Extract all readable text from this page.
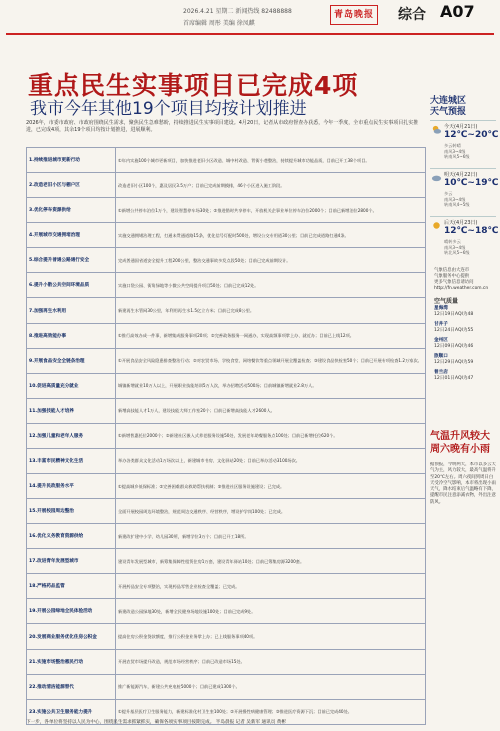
2026.4.21 星期二 新闻热线 82488888
首席编辑 周彤 美编 徐凤麒
青岛晚报 综合 A07
重点民生实事项目已完成4项
我市今年其他19个项目均按计划推进
2026年，市委市政府、市政府围绕民生需求，聚焦民生急难愁盼，持续推进民生实事项目建设。4月20日，记者从市政府督查办获悉，今年一季度，全市重点民生实事项目扎实推进，已完成4项，其余19个项目均按计划推进，进展顺利。
1.持续推进城市更新行动	①年内实施100个城市更新项目，加快推进老旧小区改造、城中村改造、背街小巷整治，持续提升城市功能品质，目前已开工38个项目。
2.改造老旧小区与棚户区	改造老旧小区100个，惠及居民3.5万户；目前已完成前期摸排，46个小区进入施工阶段。
3.优化停车资源供给	①新增公共停车泊位1万个，建设智慧停车场30处；②推进错时共享停车，开放机关企事业单位停车泊位2000个；目前已新增泊位2800个。
4.开展城市交通拥堵治理	实施交通拥堵治理工程，打通未贯通道路15条，优化信号灯配时500处，增设公交专用道30公里；目前已完成道路打通4条。
5.综合提升普通公路通行安全	完成普通国省道安全提升工程200公里，整治交通事故多发点段50处；目前已完成前期设计。
6.提升小散公共空间环境品质	实施口袋公园、街角绿地等小微公共空间提升项目50处；目前已完成12处。
7.加强再生水利用	新建再生水管网30公里，年利用再生水1.5亿立方米；目前已完成8公里。
8.推进高效能办事	①推行高效办成一件事，新增集成服务事项20项；②完善政务服务一网通办，实现高频事项掌上办、就近办；目前已上线12项。
9.开展食品安全全链条治理	①开展食品安全风险隐患排查整治行动；②对农贸市场、学校食堂、网络餐饮等重点领域开展全覆盖检查；③建设食品快检室50个；目前已开展专项检查1.2万家次。
10.促进高质量充分就业	城镇新增就业10万人以上，开展职业技能培训5万人次，举办招聘活动500场；目前城镇新增就业2.8万人。
11.加强技能人才培养	新增高技能人才1万人，建设技能大师工作室20个；目前已新增高技能人才2600人。
12.加强儿童和老年人服务	①新增普惠托位2000个；②新建社区嵌入式养老服务设施50处，发展老年助餐服务点100处；目前已新增托位620个。
13.丰富市民精神文化生活	举办各类群众文化活动1万场次以上，新建城市书房、文化驿站20处；目前已举办活动3100场次。
14.提升民政服务水平	①提高城乡低保标准；②完善困难群众救助帮扶机制；③推进社区服务设施建设；已完成。
15.开展校园周边整治	全面开展校园周边环境整治，规范周边交通秩序、经营秩序，增设护学岗100处；已完成。
16.优化义务教育资源供给	新建改扩建中小学、幼儿园30所，新增学位3万个；目前已开工18所。
17.改进青年发展型城市	建设青年发展型城市，新筹集保障性租赁住房1万套，建设青年驿站10处；目前已筹集房源3200套。
18.严格药品监管	开展药品安全专项整治，实现药品零售企业检查全覆盖；已完成。
19.开展公园绿地全民体验活动	新建改造公园绿地30处，新增全民健身场地设施100处；目前已完成9处。
20.发展商业服务优化住房公积金	提高住房公积金贷款额度，推行公积金业务掌上办；已上线服务事项40项。
21.实施市场整治惠民行动	开展农贸市场提升改造，规范市场经营秩序；目前已改造市场15处。
22.推动清洁能源替代	推广新能源汽车，新建公共充电桩5000个；目前已建成1300个。
23.实施公共卫生服务能力提升	①提升基层医疗卫生服务能力，新建标准化村卫生室100处；②开展慢性病健康管理；③推进医疗资源下沉；目前已完成40处。
下一步，各单位将坚持以人民为中心，围绕民生需求抓紧抓实，确保各项实事项目按期完成。 半岛晨报 记者 吴新军 通讯员 黄彬
大连城区
天气预报
今天(4月21日)
12℃~20℃
多云转晴
南风3~4级
转南风5~6级
明天(4月22日)
10℃~19℃
多云
南风3~4级
转南风4~5级
后天(4月23日)
12℃~18℃
晴转多云
南风3~4级
转北风5~6级
气象信息由大连市
气象服务中心提供
更多气象信息请访问
http://fn.weather.com.cn
空气质量
星海湾
12日19日AQI为48
甘井子
12日24日AQI为55
金州区
12日09日AQI为46
旅顺口
12日29日AQI为59
普兰店
12日01日AQI为47
气温升风较大周六晚有小雨
据预报，今明两天，本市以多云天气为主，风力较大，最高气温将升至20℃左右。周六夜间到周日白天受冷空气影响，本市将出现小雨天气，降水结束后气温略有下降，提醒市民注意添减衣物，外出注意防风。
